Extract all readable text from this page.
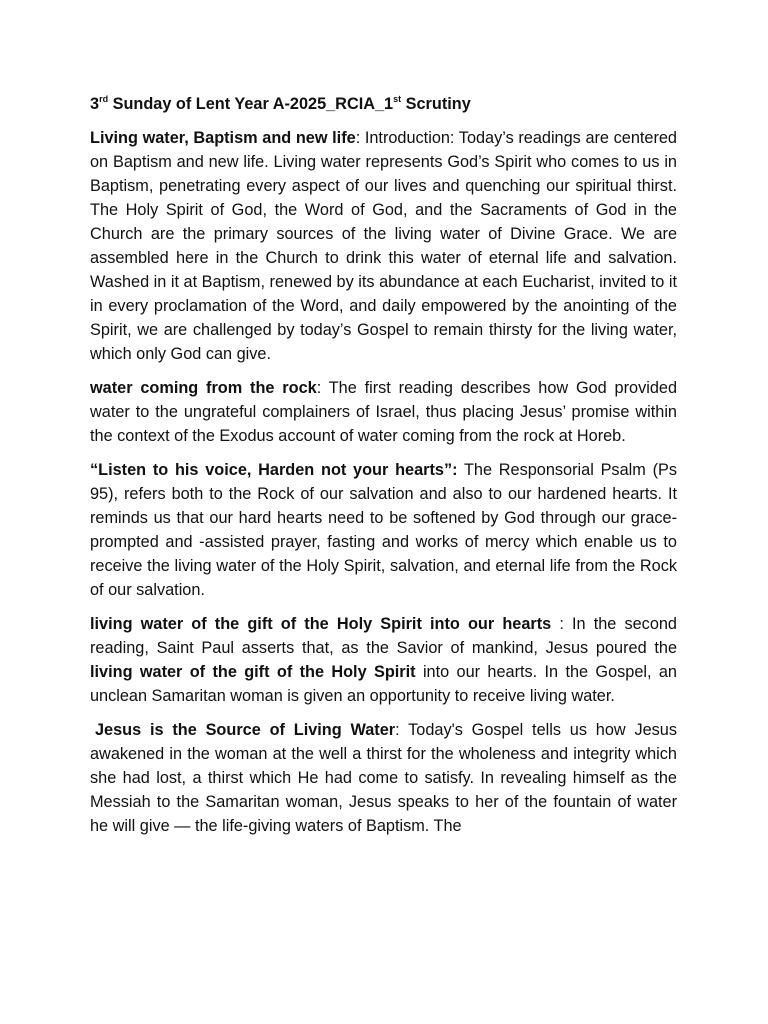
3rd Sunday of Lent Year A-2025_RCIA_1st Scrutiny

Living water, Baptism and new life: Introduction: Today’s readings are centered on Baptism and new life. Living water represents God’s Spirit who comes to us in Baptism, penetrating every aspect of our lives and quenching our spiritual thirst. The Holy Spirit of God, the Word of God, and the Sacraments of God in the Church are the primary sources of the living water of Divine Grace. We are assembled here in the Church to drink this water of eternal life and salvation. Washed in it at Baptism, renewed by its abundance at each Eucharist, invited to it in every proclamation of the Word, and daily empowered by the anointing of the Spirit, we are challenged by today’s Gospel to remain thirsty for the living water, which only God can give.

water coming from the rock: The first reading describes how God provided water to the ungrateful complainers of Israel, thus placing Jesus’ promise within the context of the Exodus account of water coming from the rock at Horeb.

“Listen to his voice, Harden not your hearts”: The Responsorial Psalm (Ps 95), refers both to the Rock of our salvation and also to our hardened hearts. It reminds us that our hard hearts need to be softened by God through our grace-prompted and -assisted prayer, fasting and works of mercy which enable us to receive the living water of the Holy Spirit, salvation, and eternal life from the Rock of our salvation.

living water of the gift of the Holy Spirit into our hearts : In the second reading, Saint Paul asserts that, as the Savior of mankind, Jesus poured the living water of the gift of the Holy Spirit into our hearts. In the Gospel, an unclean Samaritan woman is given an opportunity to receive living water.

Jesus is the Source of Living Water: Today's Gospel tells us how Jesus awakened in the woman at the well a thirst for the wholeness and integrity which she had lost, a thirst which He had come to satisfy. In revealing himself as the Messiah to the Samaritan woman, Jesus speaks to her of the fountain of water he will give — the life-giving waters of Baptism. The
